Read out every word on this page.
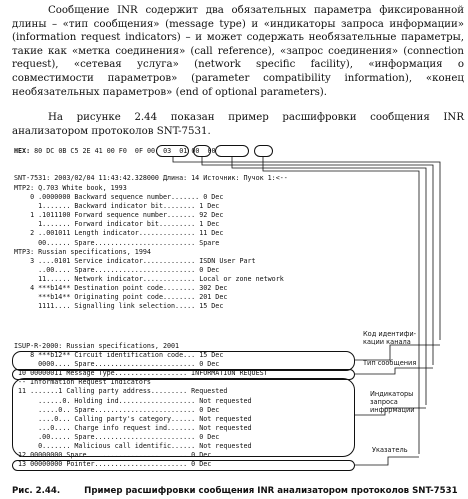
Сообщение INR содержит два обязательных параметра фиксированной длины – «тип сообщения» (message type) и «индикаторы запроса информации» (information request indicators) – и может содержать необязательные параметры, такие как «метка соединения» (call reference), «запрос соединения» (connection request), «сетевая услуга» (network specific facility), «информация о совместимости параметров» (parameter compatibility information), «конец необязательных параметров» (end of optional parameters).
На рисунке 2.44 показан пример расшифровки сообщения INR анализатором протоколов SNT-7531.
HEX: 80 DC 0B C5 2E 41 00 F0 0F 00 03 01 00 00
SNT-7531: 2003/02/04 11:43:42.328000 Длина: 14 Источник: Пучок 1:<--
MTP2: Q.703 White book, 1993
0 .0000000 Backward sequence number....... 0 Dec
1....... Backward indicator bit........ 1 Dec
1 .1011100 Forward sequence number....... 92 Dec
1....... Forward indicator bit......... 1 Dec
2 ..001011 Length indicator.............. 11 Dec
00...... Spare......................... Spare
MTP3: Russian specifications, 1994
3 ....0101 Service indicator............. ISDN User Part
..00.... Spare......................... 0 Dec
11...... Network indicator............. Local or zone network
4 ***b14** Destination point code........ 302 Dec
***b14** Originating point code........ 201 Dec
1111.... Signalling link selection..... 15 Dec
ISUP-R-2000: Russian specifications, 2001
8 ***b12** Circuit identification code... 15 Dec
0000.... Spare......................... 0 Dec
10 00000011 Message Type.................. INFORMATION REQUEST
-- Information Request Indicators
11 .......1 Calling party address......... Requested
......0. Holding ind................... Not requested
.....0.. Spare......................... 0 Dec
....0... Calling party's category...... Not requested
...0.... Charge info request ind....... Not requested
.00..... Spare......................... 0 Dec
0....... Malicious call identific...... Not requested
12 00000000 Spare......................... 0 Dec
13 00000000 Pointer....................... 0 Dec
Код идентифи-
кации канала
Тип сообщения
Индикаторы
запроса
информации
Указатель
Рис. 2.44.	Пример расшифровки сообщения INR анализатором протоколов SNT-7531
